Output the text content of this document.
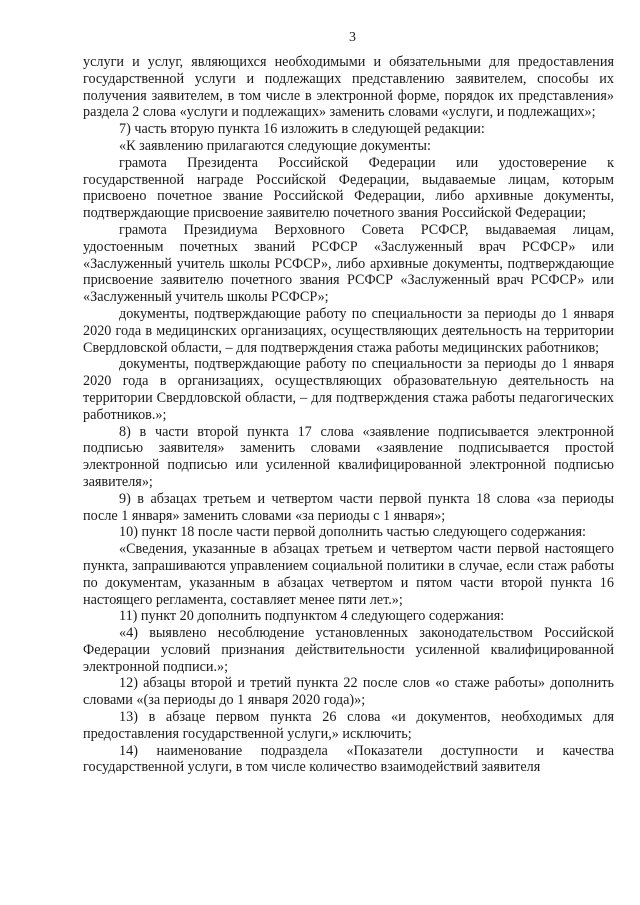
3

услуги и услуг, являющихся необходимыми и обязательными для предоставления государственной услуги и подлежащих представлению заявителем, способы их получения заявителем, в том числе в электронной форме, порядок их представления» раздела 2 слова «услуги и подлежащих» заменить словами «услуги, и подлежащих»;

7) часть вторую пункта 16 изложить в следующей редакции:

«К заявлению прилагаются следующие документы:

грамота Президента Российской Федерации или удостоверение к государственной награде Российской Федерации, выдаваемые лицам, которым присвоено почетное звание Российской Федерации, либо архивные документы, подтверждающие присвоение заявителю почетного звания Российской Федерации;

грамота Президиума Верховного Совета РСФСР, выдаваемая лицам, удостоенным почетных званий РСФСР «Заслуженный врач РСФСР» или «Заслуженный учитель школы РСФСР», либо архивные документы, подтверждающие присвоение заявителю почетного звания РСФСР «Заслуженный врач РСФСР» или «Заслуженный учитель школы РСФСР»;

документы, подтверждающие работу по специальности за периоды до 1 января 2020 года в медицинских организациях, осуществляющих деятельность на территории Свердловской области, – для подтверждения стажа работы медицинских работников;

документы, подтверждающие работу по специальности за периоды до 1 января 2020 года в организациях, осуществляющих образовательную деятельность на территории Свердловской области, – для подтверждения стажа работы педагогических работников.»;

8) в части второй пункта 17 слова «заявление подписывается электронной подписью заявителя» заменить словами «заявление подписывается простой электронной подписью или усиленной квалифицированной электронной подписью заявителя»;

9) в абзацах третьем и четвертом части первой пункта 18 слова «за периоды после 1 января» заменить словами «за периоды с 1 января»;

10) пункт 18 после части первой дополнить частью следующего содержания:

«Сведения, указанные в абзацах третьем и четвертом части первой настоящего пункта, запрашиваются управлением социальной политики в случае, если стаж работы по документам, указанным в абзацах четвертом и пятом части второй пункта 16 настоящего регламента, составляет менее пяти лет.»;

11) пункт 20 дополнить подпунктом 4 следующего содержания:

«4) выявлено несоблюдение установленных законодательством Российской Федерации условий признания действительности усиленной квалифицированной электронной подписи.»;

12) абзацы второй и третий пункта 22 после слов «о стаже работы» дополнить словами «(за периоды до 1 января 2020 года)»;

13) в абзаце первом пункта 26 слова «и документов, необходимых для предоставления государственной услуги,» исключить;

14) наименование подраздела «Показатели доступности и качества государственной услуги, в том числе количество взаимодействий заявителя
